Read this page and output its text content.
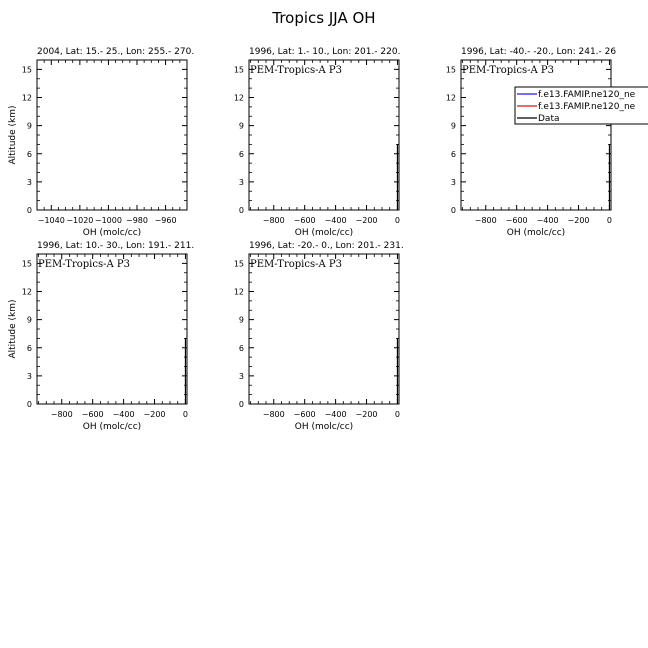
Tropics JJA OH
2004, Lat: 15.- 25., Lon: 255.- 270.
0
3
6
9
12
15
−1040 −1020 −1000 −980 −960
OH (molc/cc)
Altitude (km)
1996, Lat: 1.- 10., Lon: 201.- 220.
PEM-Tropics-A P3
0
3
6
9
12
15
−800 −600 −400 −200 0
OH (molc/cc)
1996, Lat: -40.- -20., Lon: 241.- 26
PEM-Tropics-A P3
0
3
6
9
12
15
−800 −600 −400 −200 0
OH (molc/cc)
1996, Lat: 10.- 30., Lon: 191.- 211.
PEM-Tropics-A P3
0
3
6
9
12
15
−800 −600 −400 −200 0
OH (molc/cc)
Altitude (km)
1996, Lat: -20.- 0., Lon: 201.- 231.
PEM-Tropics-A P3
0
3
6
9
12
15
−800 −600 −400 −200 0
OH (molc/cc)
f.e13.FAMIP.ne120_ne
f.e13.FAMIP.ne120_ne
Data
